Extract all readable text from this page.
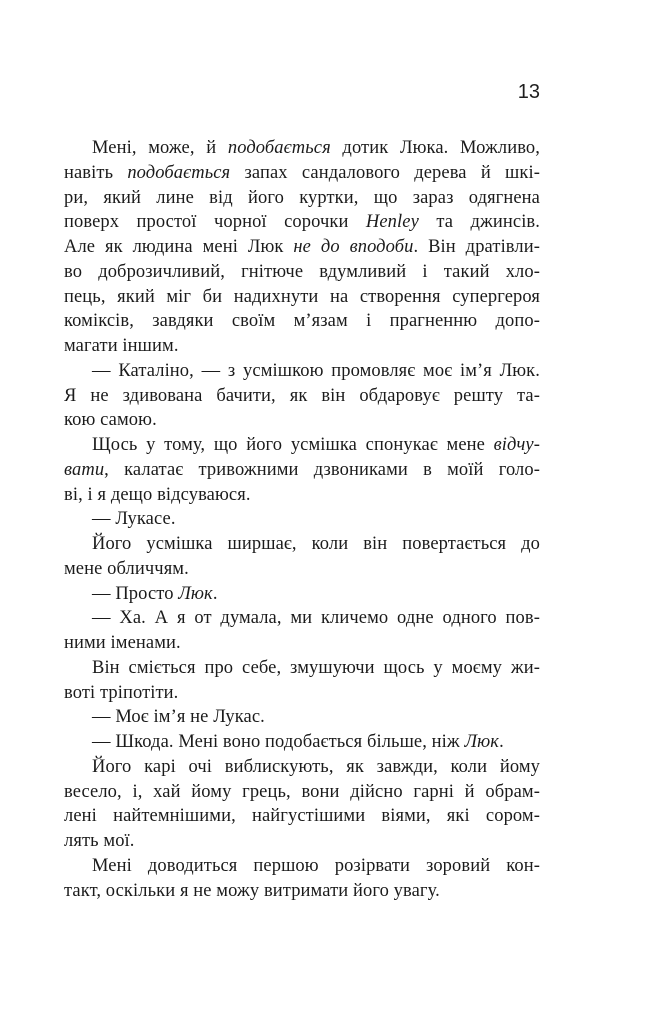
13
Мені, може, й подобається дотик Люка. Можливо,
навіть подобається запах сандалового дерева й шкі-
ри, який лине від його куртки, що зараз одягнена
поверх простої чорної сорочки Henley та джинсів.
Але як людина мені Люк не до вподоби. Він дратівли-
во доброзичливий, гнітюче вдумливий і такий хло-
пець, який міг би надихнути на створення супергероя
коміксів, завдяки своїм м’язам і прагненню допо-
магати іншим.
— Каталіно, — з усмішкою промовляє моє ім’я Люк.
Я не здивована бачити, як він обдаровує решту та-
кою самою.
Щось у тому, що його усмішка спонукає мене відчу-
вати, калатає тривожними дзвониками в моїй голо-
ві, і я дещо відсуваюся.
— Лукасе.
Його усмішка ширшає, коли він повертається до
мене обличчям.
— Просто Люк.
— Ха. А я от думала, ми кличемо одне одного пов-
ними іменами.
Він сміється про себе, змушуючи щось у моєму жи-
воті тріпотіти.
— Моє ім’я не Лукас.
— Шкода. Мені воно подобається більше, ніж Люк.
Його карі очі виблискують, як завжди, коли йому
весело, і, хай йому грець, вони дійсно гарні й обрам-
лені найтемнішими, найгустішими віями, які сором-
лять мої.
Мені доводиться першою розірвати зоровий кон-
такт, оскільки я не можу витримати його увагу.
